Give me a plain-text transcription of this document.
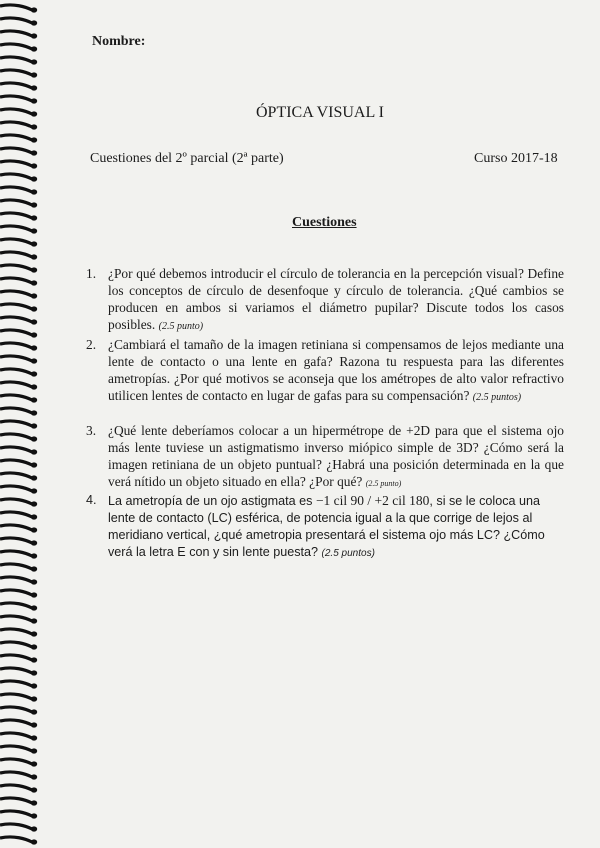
Nombre:
ÓPTICA VISUAL I
Cuestiones del 2º parcial (2ª parte)	Curso 2017-18
Cuestiones
1. ¿Por qué debemos introducir el círculo de tolerancia en la percepción visual? Define los conceptos de círculo de desenfoque y círculo de tolerancia. ¿Qué cambios se producen en ambos si variamos el diámetro pupilar? Discute todos los casos posibles. (2.5 punto)
2. ¿Cambiará el tamaño de la imagen retiniana si compensamos de lejos mediante una lente de contacto o una lente en gafa? Razona tu respuesta para las diferentes ametropías. ¿Por qué motivos se aconseja que los amétropes de alto valor refractivo utilicen lentes de contacto en lugar de gafas para su compensación? (2.5 puntos)
3. ¿Qué lente deberíamos colocar a un hipermétrope de +2D para que el sistema ojo más lente tuviese un astigmatismo inverso miópico simple de 3D? ¿Cómo será la imagen retiniana de un objeto puntual? ¿Habrá una posición determinada en la que verá nítido un objeto situado en ella? ¿Por qué? (2.5 punto)
4. La ametropía de un ojo astigmata es −1 cil 90 / +2 cil 180, si se le coloca una lente de contacto (LC) esférica, de potencia igual a la que corrige de lejos al meridiano vertical, ¿qué ametropia presentará el sistema ojo más LC? ¿Cómo verá la letra E con y sin lente puesta? (2.5 puntos)
